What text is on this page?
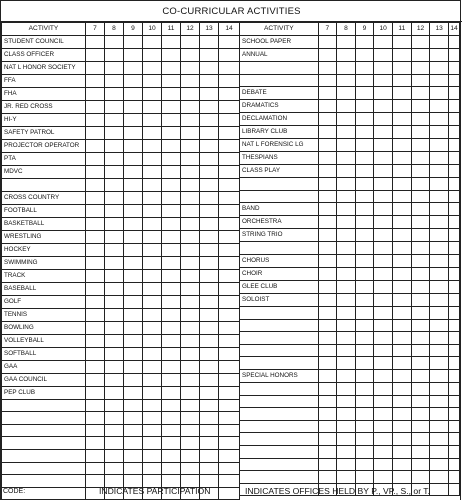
CO-CURRICULAR ACTIVITIES
ACTIVITY	7	8	9	10	11	12	13	14
STUDENT COUNCIL								
CLASS OFFICER								
NAT L HONOR SOCIETY								
FFA								
FHA								
JR. RED CROSS								
HI-Y								
SAFETY PATROL								
PROJECTOR OPERATOR								
PTA								
MDVC								

CROSS COUNTRY								
FOOTBALL								
BASKETBALL								
WRESTLING								
HOCKEY								
SWIMMING								
TRACK								
BASEBALL								
GOLF								
TENNIS								
BOWLING								
VOLLEYBALL								
SOFTBALL								
GAA								
GAA COUNCIL								
PEP CLUB								

ACTIVITY	7	8	9	10	11	12	13	14
SCHOOL PAPER								
ANNUAL								

DEBATE								
DRAMATICS								
DECLAMATION								
LIBRARY CLUB								
NAT L FORENSIC LG								
THESPIANS								
CLASS PLAY								

BAND								
ORCHESTRA								
STRING TRIO								

CHORUS								
CHOIR								
GLEE CLUB								
SOLOIST								

SPECIAL HONORS								

CODE:	INDICATES PARTICIPATION	INDICATES OFFICES HELD BY P., VP., S., or T.
